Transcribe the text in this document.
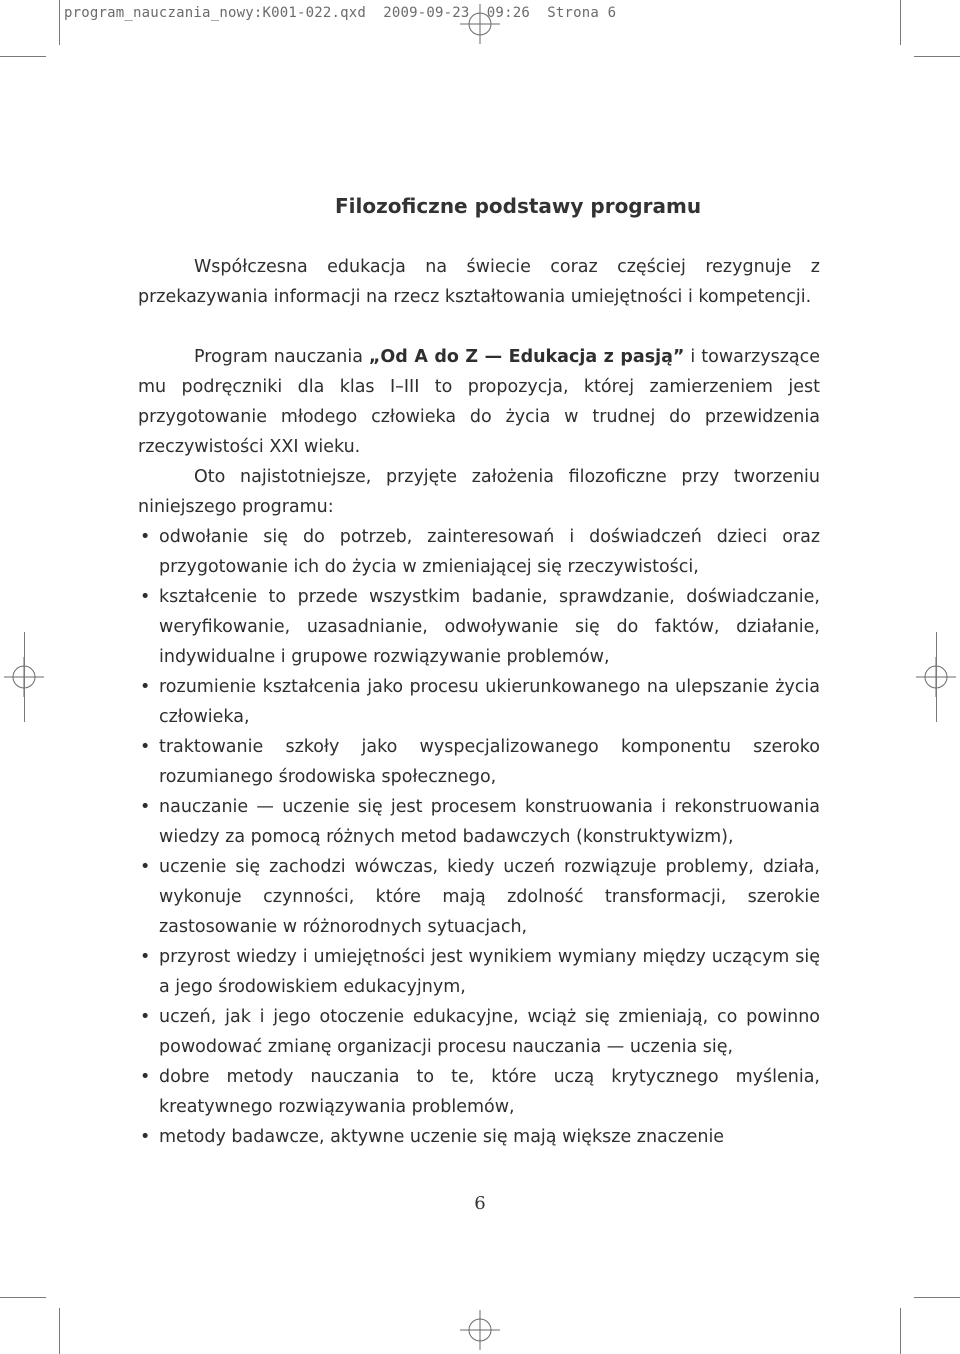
program_nauczania_nowy:K001-022.qxd  2009-09-23  09:26  Strona 6
Filozoficzne podstawy programu
Współczesna edukacja na świecie coraz częściej rezygnuje z przekazywania informacji na rzecz kształtowania umiejętności i kompetencji.
Program nauczania „Od A do Z — Edukacja z pasją” i towarzyszące mu podręczniki dla klas I–III to propozycja, której zamierzeniem jest przygotowanie młodego człowieka do życia w trudnej do przewidzenia rzeczywistości XXI wieku.
Oto najistotniejsze, przyjęte założenia filozoficzne przy tworzeniu niniejszego programu:
• odwołanie się do potrzeb, zainteresowań i doświadczeń dzieci oraz przygotowanie ich do życia w zmieniającej się rzeczywistości,
• kształcenie to przede wszystkim badanie, sprawdzanie, doświadczanie, weryfikowanie, uzasadnianie, odwoływanie się do faktów, działanie, indywidualne i grupowe rozwiązywanie problemów,
• rozumienie kształcenia jako procesu ukierunkowanego na ulepszanie życia człowieka,
• traktowanie szkoły jako wyspecjalizowanego komponentu szeroko rozumianego środowiska społecznego,
• nauczanie — uczenie się jest procesem konstruowania i rekonstruowania wiedzy za pomocą różnych metod badawczych (konstruktywizm),
• uczenie się zachodzi wówczas, kiedy uczeń rozwiązuje problemy, działa, wykonuje czynności, które mają zdolność transformacji, szerokie zastosowanie w różnorodnych sytuacjach,
• przyrost wiedzy i umiejętności jest wynikiem wymiany między uczącym się a jego środowiskiem edukacyjnym,
• uczeń, jak i jego otoczenie edukacyjne, wciąż się zmieniają, co powinno powodować zmianę organizacji procesu nauczania — uczenia się,
• dobre metody nauczania to te, które uczą krytycznego myślenia, kreatywnego rozwiązywania problemów,
• metody badawcze, aktywne uczenie się mają większe znaczenie
6
